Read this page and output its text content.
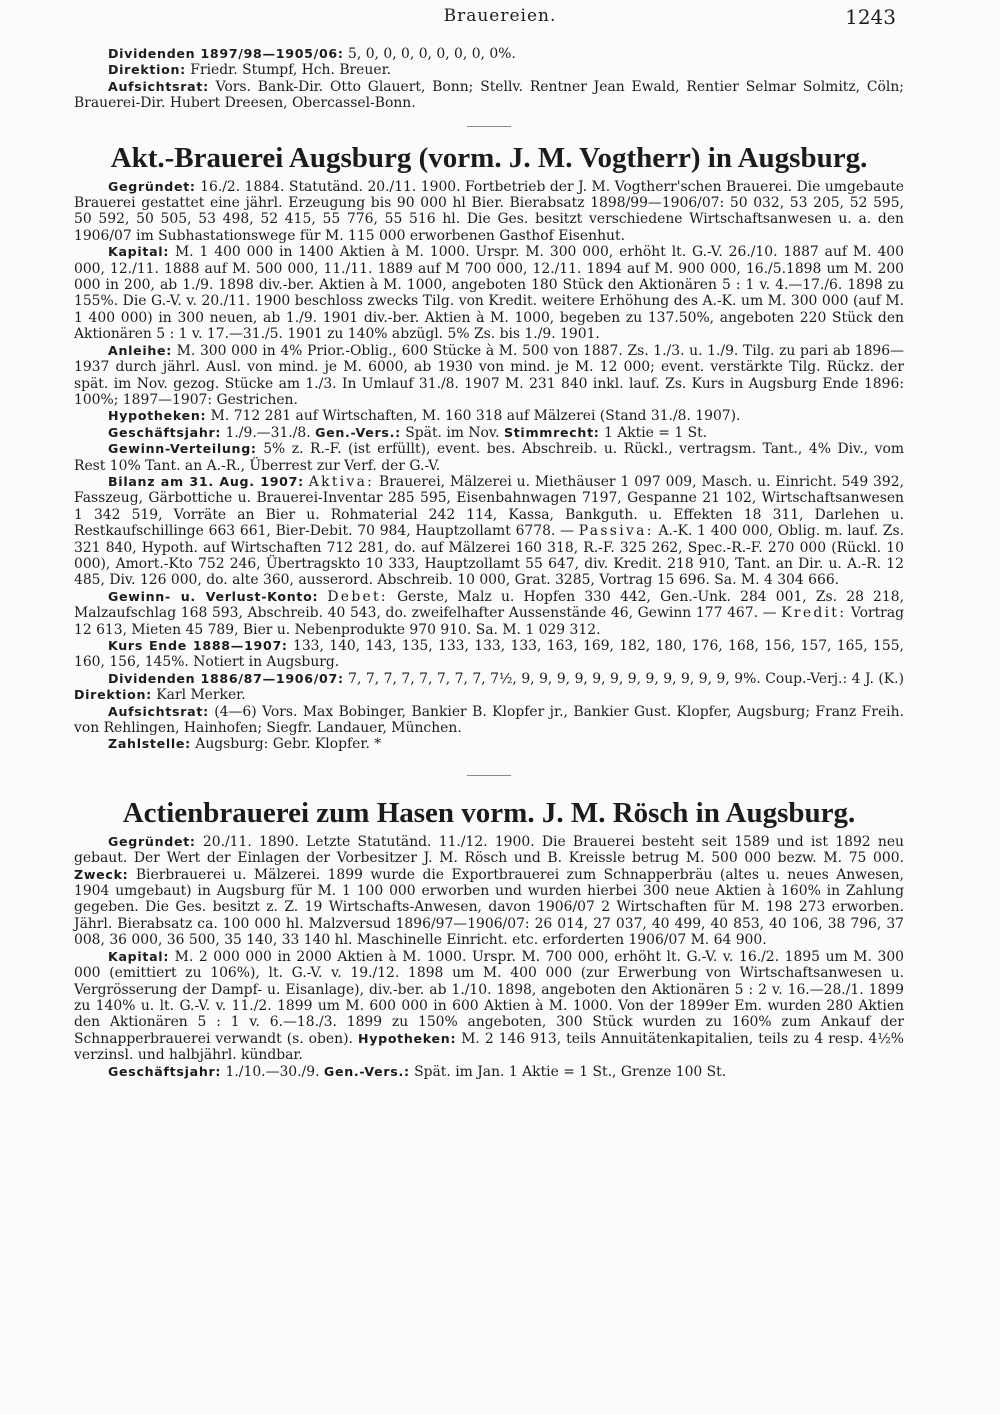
Brauereien.	1243

Dividenden 1897/98—1905/06: 5, 0, 0, 0, 0, 0, 0, 0, 0%.

Direktion: Friedr. Stumpf, Hch. Breuer.

Aufsichtsrat: Vors. Bank-Dir. Otto Glauert, Bonn; Stellv. Rentner Jean Ewald, Rentier Selmar Solmitz, Cöln; Brauerei-Dir. Hubert Dreesen, Obercassel-Bonn.

Akt.-Brauerei Augsburg (vorm. J. M. Vogtherr) in Augsburg.

Gegründet: 16./2. 1884. Statutänd. 20./11. 1900. Fortbetrieb der J. M. Vogtherr'schen Brauerei. Die umgebaute Brauerei gestattet eine jährl. Erzeugung bis 90 000 hl Bier. Bierabsatz 1898/99—1906/07: 50 032, 53 205, 52 595, 50 592, 50 505, 53 498, 52 415, 55 776, 55 516 hl. Die Ges. besitzt verschiedene Wirtschaftsanwesen u. a. den 1906/07 im Subhastationswege für M. 115 000 erworbenen Gasthof Eisenhut.

Kapital: M. 1 400 000 in 1400 Aktien à M. 1000. Urspr. M. 300 000, erhöht lt. G.-V. 26./10. 1887 auf M. 400 000, 12./11. 1888 auf M. 500 000, 11./11. 1889 auf M 700 000, 12./11. 1894 auf M. 900 000, 16./5.1898 um M. 200 000 in 200, ab 1./9. 1898 div.-ber. Aktien à M. 1000, angeboten 180 Stück den Aktionären 5 : 1 v. 4.—17./6. 1898 zu 155%. Die G.-V. v. 20./11. 1900 beschloss zwecks Tilg. von Kredit. weitere Erhöhung des A.-K. um M. 300 000 (auf M. 1 400 000) in 300 neuen, ab 1./9. 1901 div.-ber. Aktien à M. 1000, begeben zu 137.50%, angeboten 220 Stück den Aktionären 5 : 1 v. 17.—31./5. 1901 zu 140% abzügl. 5% Zs. bis 1./9. 1901.

Anleihe: M. 300 000 in 4% Prior.-Oblig., 600 Stücke à M. 500 von 1887. Zs. 1./3. u. 1./9. Tilg. zu pari ab 1896—1937 durch jährl. Ausl. von mind. je M. 6000, ab 1930 von mind. je M. 12 000; event. verstärkte Tilg. Rückz. der spät. im Nov. gezog. Stücke am 1./3. In Umlauf 31./8. 1907 M. 231 840 inkl. lauf. Zs. Kurs in Augsburg Ende 1896: 100%; 1897—1907: Gestrichen.

Hypotheken: M. 712 281 auf Wirtschaften, M. 160 318 auf Mälzerei (Stand 31./8. 1907).

Geschäftsjahr: 1./9.—31./8. Gen.-Vers.: Spät. im Nov. Stimmrecht: 1 Aktie = 1 St.

Gewinn-Verteilung: 5% z. R.-F. (ist erfüllt), event. bes. Abschreib. u. Rückl., vertragsm. Tant., 4% Div., vom Rest 10% Tant. an A.-R., Überrest zur Verf. der G.-V.

Bilanz am 31. Aug. 1907: Aktiva: Brauerei, Mälzerei u. Miethäuser 1 097 009, Masch. u. Einricht. 549 392, Fasszeug, Gärbottiche u. Brauerei-Inventar 285 595, Eisenbahnwagen 7197, Gespanne 21 102, Wirtschaftsanwesen 1 342 519, Vorräte an Bier u. Rohmaterial 242 114, Kassa, Bankguth. u. Effekten 18 311, Darlehen u. Restkaufschillinge 663 661, Bier-Debit. 70 984, Hauptzollamt 6778. — Passiva: A.-K. 1 400 000, Oblig. m. lauf. Zs. 321 840, Hypoth. auf Wirtschaften 712 281, do. auf Mälzerei 160 318, R.-F. 325 262, Spec.-R.-F. 270 000 (Rückl. 10 000), Amort.-Kto 752 246, Übertragskto 10 333, Hauptzollamt 55 647, div. Kredit. 218 910, Tant. an Dir. u. A.-R. 12 485, Div. 126 000, do. alte 360, ausserord. Abschreib. 10 000, Grat. 3285, Vortrag 15 696. Sa. M. 4 304 666.

Gewinn- u. Verlust-Konto: Debet: Gerste, Malz u. Hopfen 330 442, Gen.-Unk. 284 001, Zs. 28 218, Malzaufschlag 168 593, Abschreib. 40 543, do. zweifelhafter Aussenstände 46, Gewinn 177 467. — Kredit: Vortrag 12 613, Mieten 45 789, Bier u. Nebenprodukte 970 910. Sa. M. 1 029 312.

Kurs Ende 1888—1907: 133, 140, 143, 135, 133, 133, 133, 163, 169, 182, 180, 176, 168, 156, 157, 165, 155, 160, 156, 145%. Notiert in Augsburg.

Dividenden 1886/87—1906/07: 7, 7, 7, 7, 7, 7, 7, 7, 7½, 9, 9, 9, 9, 9, 9, 9, 9, 9, 9, 9, 9, 9%. Coup.-Verj.: 4 J. (K.) Direktion: Karl Merker.

Aufsichtsrat: (4—6) Vors. Max Bobinger, Bankier B. Klopfer jr., Bankier Gust. Klopfer, Augsburg; Franz Freih. von Rehlingen, Hainhofen; Siegfr. Landauer, München.

Zahlstelle: Augsburg: Gebr. Klopfer. *

Actienbrauerei zum Hasen vorm. J. M. Rösch in Augsburg.

Gegründet: 20./11. 1890. Letzte Statutänd. 11./12. 1900. Die Brauerei besteht seit 1589 und ist 1892 neu gebaut. Der Wert der Einlagen der Vorbesitzer J. M. Rösch und B. Kreissle betrug M. 500 000 bezw. M. 75 000. Zweck: Bierbrauerei u. Mälzerei. 1899 wurde die Exportbrauerei zum Schnapperbräu (altes u. neues Anwesen, 1904 umgebaut) in Augsburg für M. 1 100 000 erworben und wurden hierbei 300 neue Aktien à 160% in Zahlung gegeben. Die Ges. besitzt z. Z. 19 Wirtschafts-Anwesen, davon 1906/07 2 Wirtschaften für M. 198 273 erworben. Jährl. Bierabsatz ca. 100 000 hl. Malzversud 1896/97—1906/07: 26 014, 27 037, 40 499, 40 853, 40 106, 38 796, 37 008, 36 000, 36 500, 35 140, 33 140 hl. Maschinelle Einricht. etc. erforderten 1906/07 M. 64 900.

Kapital: M. 2 000 000 in 2000 Aktien à M. 1000. Urspr. M. 700 000, erhöht lt. G.-V. v. 16./2. 1895 um M. 300 000 (emittiert zu 106%), lt. G.-V. v. 19./12. 1898 um M. 400 000 (zur Erwerbung von Wirtschaftsanwesen u. Vergrösserung der Dampf- u. Eisanlage), div.-ber. ab 1./10. 1898, angeboten den Aktionären 5 : 2 v. 16.—28./1. 1899 zu 140% u. lt. G.-V. v. 11./2. 1899 um M. 600 000 in 600 Aktien à M. 1000. Von der 1899er Em. wurden 280 Aktien den Aktionären 5 : 1 v. 6.—18./3. 1899 zu 150% angeboten, 300 Stück wurden zu 160% zum Ankauf der Schnapperbrauerei verwandt (s. oben). Hypotheken: M. 2 146 913, teils Annuitätenkapitalien, teils zu 4 resp. 4½% verzinsl. und halbjährl. kündbar.

Geschäftsjahr: 1./10.—30./9. Gen.-Vers.: Spät. im Jan. 1 Aktie = 1 St., Grenze 100 St.
